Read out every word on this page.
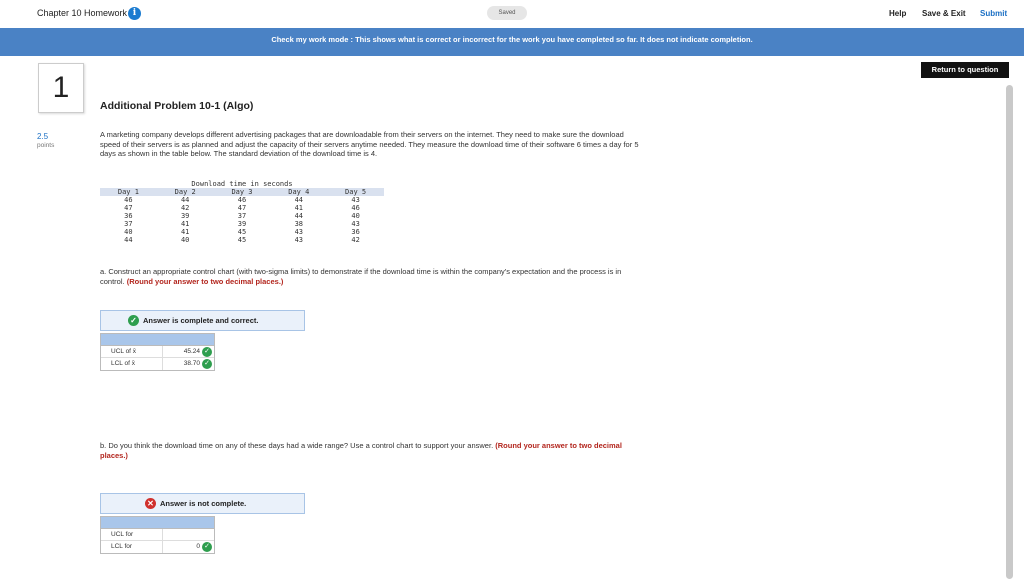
Chapter 10 Homework i	Saved	Help Save & Exit Submit
Check my work mode : This shows what is correct or incorrect for the work you have completed so far. It does not indicate completion.
Return to question
1
2.5
points
Additional Problem 10-1 (Algo)
A marketing company develops different advertising packages that are downloadable from their servers on the internet. They need to make sure the download speed of their servers is as planned and adjust the capacity of their servers anytime needed. They measure the download time of their software 6 times a day for 5 days as shown in the table below. The standard deviation of the download time is 4.
Download time in seconds
Day 1	Day 2	Day 3	Day 4	Day 5
46	44	46	44	43
47	42	47	41	46
36	39	37	44	40
37	41	39	38	43
40	41	45	43	36
44	40	45	43	42
a. Construct an appropriate control chart (with two-sigma limits) to demonstrate if the download time is within the company's expectation and the process is in control. (Round your answer to two decimal places.)
✓ Answer is complete and correct.
UCL of x̄	45.24 ✓
LCL of x̄	38.70 ✓
b. Do you think the download time on any of these days had a wide range? Use a control chart to support your answer. (Round your answer to two decimal places.)
✕ Answer is not complete.
UCL for
LCL for	0 ✓
